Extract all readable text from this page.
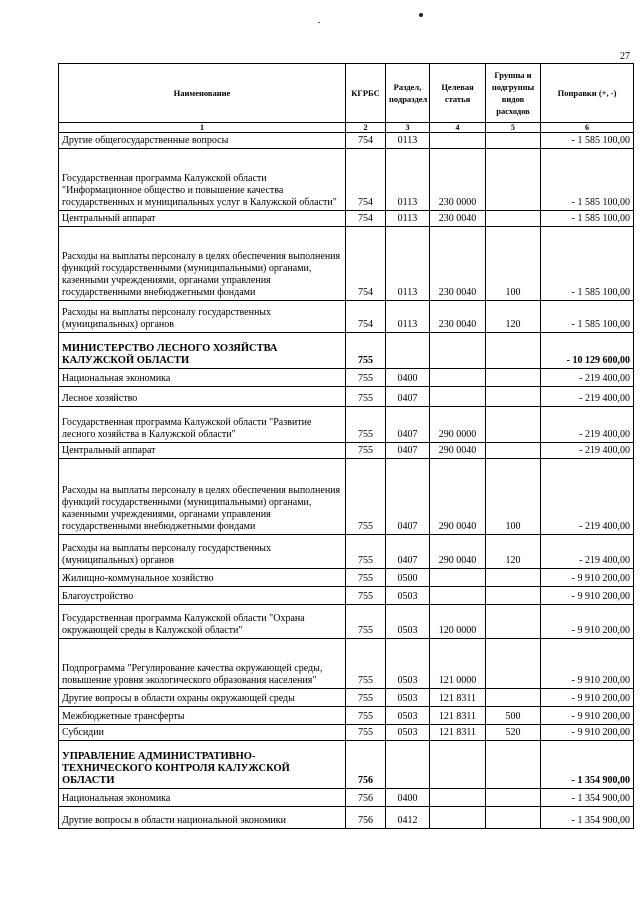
27
Наименование	КГРБС	Раздел, подраздел	Целевая статья	Группы и подгруппы видов расходов	Поправки (+, -)
1	2	3	4	5	6
Другие общегосударственные вопросы	754	0113			- 1 585 100,00
Государственная программа Калужской области "Информационное общество и повышение качества государственных и муниципальных услуг в Калужской области"	754	0113	230 0000		- 1 585 100,00
Центральный аппарат	754	0113	230 0040		- 1 585 100,00
Расходы на выплаты персоналу в целях обеспечения выполнения функций государственными (муниципальными) органами, казенными учреждениями, органами управления государственными внебюджетными фондами	754	0113	230 0040	100	- 1 585 100,00
Расходы на выплаты персоналу государственных (муниципальных) органов	754	0113	230 0040	120	- 1 585 100,00
МИНИСТЕРСТВО ЛЕСНОГО ХОЗЯЙСТВА КАЛУЖСКОЙ ОБЛАСТИ	755				- 10 129 600,00
Национальная экономика	755	0400			- 219 400,00
Лесное хозяйство	755	0407			- 219 400,00
Государственная программа Калужской области "Развитие лесного хозяйства в Калужской области"	755	0407	290 0000		- 219 400,00
Центральный аппарат	755	0407	290 0040		- 219 400,00
Расходы на выплаты персоналу в целях обеспечения выполнения функций государственными (муниципальными) органами, казенными учреждениями, органами управления государственными внебюджетными фондами	755	0407	290 0040	100	- 219 400,00
Расходы на выплаты персоналу государственных (муниципальных) органов	755	0407	290 0040	120	- 219 400,00
Жилищно-коммунальное хозяйство	755	0500			- 9 910 200,00
Благоустройство	755	0503			- 9 910 200,00
Государственная программа Калужской области "Охрана окружающей среды в Калужской области"	755	0503	120 0000		- 9 910 200,00
Подпрограмма "Регулирование качества окружающей среды, повышение уровня экологического образования населения"	755	0503	121 0000		- 9 910 200,00
Другие вопросы в области охраны окружающей среды	755	0503	121 8311		- 9 910 200,00
Межбюджетные трансферты	755	0503	121 8311	500	- 9 910 200,00
Субсидии	755	0503	121 8311	520	- 9 910 200,00
УПРАВЛЕНИЕ АДМИНИСТРАТИВНО-ТЕХНИЧЕСКОГО КОНТРОЛЯ КАЛУЖСКОЙ ОБЛАСТИ	756				- 1 354 900,00
Национальная экономика	756	0400			- 1 354 900,00
Другие вопросы в области национальной экономики	756	0412			- 1 354 900,00
